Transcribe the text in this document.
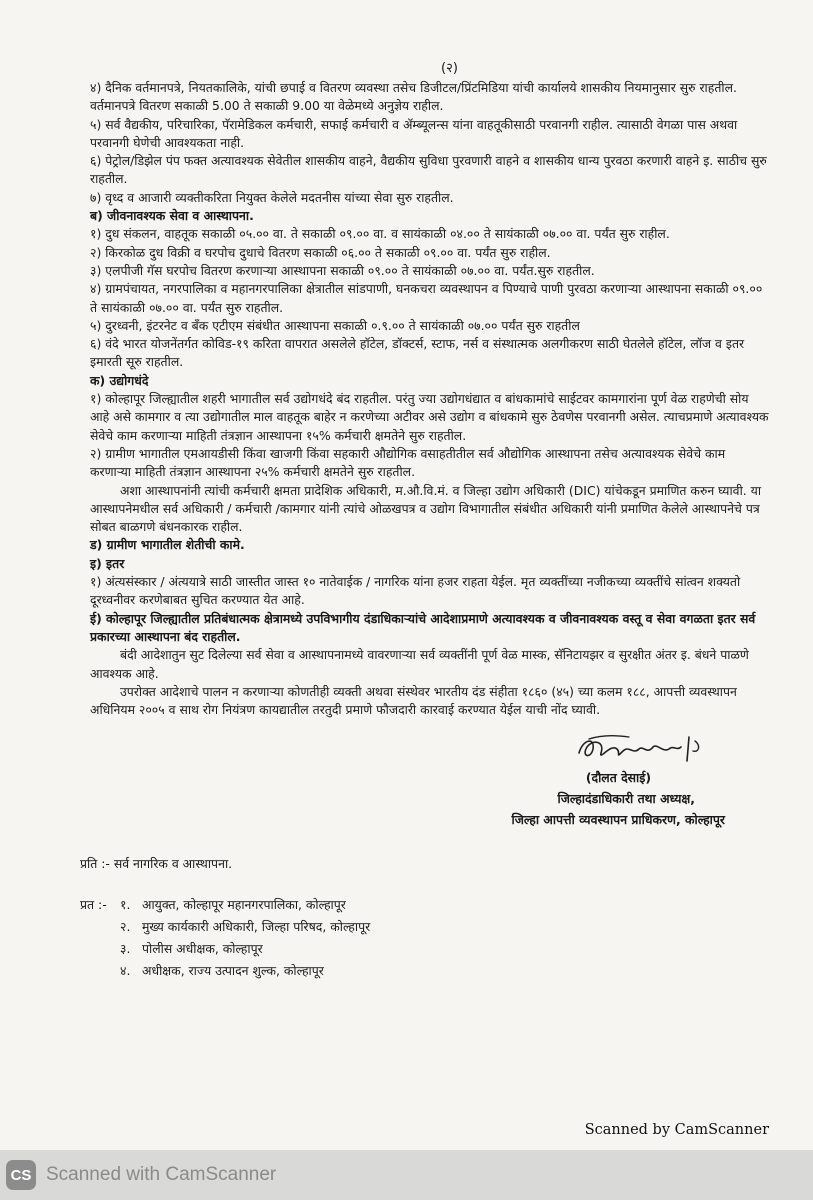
(२)

४) दैनिक वर्तमानपत्रे, नियतकालिके, यांची छपाई व वितरण व्यवस्था तसेच डिजीटल/प्रिंटमिडिया यांची कार्यालये शासकीय नियमानुसार सुरु राहतील. वर्तमानपत्रे वितरण सकाळी 5.00 ते सकाळी 9.00 या वेळेमध्ये अनुज्ञेय राहील.

५) सर्व वैद्यकीय, परिचारिका, पॅरामेडिकल कर्मचारी, सफाई कर्मचारी व ॲम्ब्यूलन्स यांना वाहतूकीसाठी परवानगी राहील. त्यासाठी वेगळा पास अथवा परवानगी घेणेची आवश्यकता नाही.

६) पेट्रोल/डिझेल पंप फक्त अत्यावश्यक सेवेतील शासकीय वाहने, वैद्यकीय सुविधा पुरवणारी वाहने व शासकीय धान्य पुरवठा करणारी वाहने इ. साठीच सुरु राहतील.

७) वृध्द व आजारी व्यक्तीकरिता नियुक्त केलेले मदतनीस यांच्या सेवा सुरु राहतील.

ब) जीवनावश्यक सेवा व आस्थापना.

१) दुध संकलन, वाहतूक सकाळी ०५.०० वा. ते सकाळी ०९.०० वा. व सायंकाळी ०४.०० ते सायंकाळी ०७.०० वा. पर्यंत सुरु राहील.

२) किरकोळ दुध विक्री व घरपोच दुधाचे वितरण सकाळी ०६.०० ते सकाळी ०९.०० वा. पर्यंत सुरु राहील.

३) एलपीजी गॅस घरपोच वितरण करणाऱ्या आस्थापना सकाळी ०९.०० ते सायंकाळी ०७.०० वा. पर्यंत.सुरु राहतील.

४) ग्रामपंचायत, नगरपालिका व महानगरपालिका क्षेत्रातील सांडपाणी, घनकचरा व्यवस्थापन व पिण्याचे पाणी पुरवठा करणाऱ्या आस्थापना सकाळी ०९.०० ते सायंकाळी ०७.०० वा. पर्यंत सुरु राहतील.

५) दुरध्वनी, इंटरनेट व बँक एटीएम संबंधीत आस्थापना सकाळी ०.९.०० ते सायंकाळी ०७.०० पर्यंत सुरु राहतील

६) वंदे भारत योजनेंतर्गत कोविड-१९ करिता वापरात असलेले हॉटेल, डॉक्टर्स, स्टाफ, नर्स व संस्थात्मक अलगीकरण साठी घेतलेले हॉटेल, लॉज व इतर इमारती सूरु राहतील.

क) उद्योगधंदे

१) कोल्हापूर जिल्ह्यातील शहरी भागातील सर्व उद्योगधंदे बंद राहतील. परंतु ज्या उद्योगधंद्यात व बांधकामांचे साईटवर कामगारांना पूर्ण वेळ राहणेची सोय आहे असे कामगार व त्या उद्योगातील माल वाहतूक बाहेर न करणेच्या अटीवर असे उद्योग व बांधकामे सुरु ठेवणेस परवानगी असेल. त्याचप्रमाणे अत्यावश्यक सेवेचे काम करणाऱ्या माहिती तंत्रज्ञान आस्थापना १५% कर्मचारी क्षमतेने सुरु राहतील.

२) ग्रामीण भागातील एमआयडीसी किंवा खाजगी किंवा सहकारी औद्योगिक वसाहतीतील सर्व औद्योगिक आस्थापना तसेच अत्यावश्यक सेवेचे काम करणाऱ्या माहिती तंत्रज्ञान आस्थापना २५% कर्मचारी क्षमतेने सुरु राहतील.

अशा आस्थापनांनी त्यांची कर्मचारी क्षमता प्रादेशिक अधिकारी, म.औ.वि.मं. व जिल्हा उद्योग अधिकारी (DIC) यांचेकडून प्रमाणित करुन घ्यावी. या आस्थापनेमधील सर्व अधिकारी / कर्मचारी /कामगार यांनी त्यांचे ओळखपत्र व उद्योग विभागातील संबंधीत अधिकारी यांनी प्रमाणित केलेले आस्थापनेचे पत्र सोबत बाळगणे बंधनकारक राहील.

ड) ग्रामीण भागातील शेतीची कामे.

इ) इतर

१) अंत्यसंस्कार / अंत्ययात्रे साठी जास्तीत जास्त १० नातेवाईक / नागरिक यांना हजर राहता येईल. मृत व्यक्तींच्या नजीकच्या व्यक्तींचे सांत्वन शक्यतो दूरध्वनीवर करणेबाबत सुचित करण्यात येत आहे.

ई) कोल्हापूर जिल्ह्यातील प्रतिबंधात्मक क्षेत्रामध्ये उपविभागीय दंडाधिकाऱ्यांचे आदेशाप्रमाणे अत्यावश्यक व जीवनावश्यक वस्तू व सेवा वगळता इतर सर्व प्रकारच्या आस्थापना बंद राहतील.

बंदी आदेशातुन सुट दिलेल्या सर्व सेवा व आस्थापनामध्ये वावरणाऱ्या सर्व व्यक्तींनी पूर्ण वेळ मास्क, सॅनिटायझर व सुरक्षीत अंतर इ. बंधने पाळणे आवश्यक आहे.

उपरोक्त आदेशाचे पालन न करणाऱ्या कोणतीही व्यक्ती अथवा संस्थेवर भारतीय दंड संहीता १८६० (४५) च्या कलम १८८, आपत्ती व्यवस्थापन अधिनियम २००५ व साथ रोग नियंत्रण कायद्यातील तरतुदी प्रमाणे फौजदारी कारवाई करण्यात येईल याची नोंद घ्यावी.

(दौलत देसाई)
जिल्हादंडाधिकारी तथा अध्यक्ष,
जिल्हा आपत्ती व्यवस्थापन प्राधिकरण, कोल्हापूर
प्रति :- सर्व नागरिक व आस्थापना.
प्रत :-	१. आयुक्त, कोल्हापूर महानगरपालिका, कोल्हापूर
२. मुख्य कार्यकारी अधिकारी, जिल्हा परिषद, कोल्हापूर
३. पोलीस अधीक्षक, कोल्हापूर
४. अधीक्षक, राज्य उत्पादन शुल्क, कोल्हापूर
Scanned by CamScanner
CS Scanned with CamScanner
